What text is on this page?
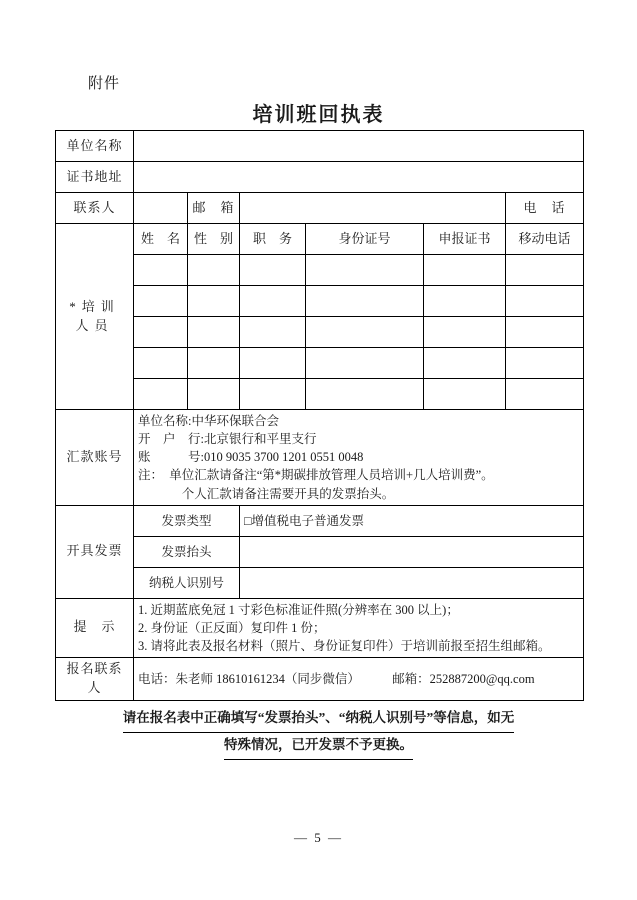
附件
培训班回执表
单位名称						
证书地址						
联系人		邮　箱				电　话
*培训人员	姓　名	性　别	职　务	身份证号	申报证书	移动电话

汇款账号	单位名称:中华环保联合会
开　户　行:北京银行和平里支行
账　　　号:010 9035 3700 1201 0551 0048
注：　单位汇款请备注“第*期碳排放管理人员培训+几人培训费”。
个人汇款请备注需要开具的发票抬头。					

开具发票	发票类型		□增值税电子普通发票			
	发票抬头					
	纳税人识别号					
提　示	1. 近期蓝底免冠 1 寸彩色标准证件照(分辨率在 300 以上)；
2. 身份证（正反面）复印件 1 份；
3. 请将此表及报名材料（照片、身份证复印件）于培训前报至招生组邮箱。					

报名联系人	电话：朱老师 18610161234（同步微信） 邮箱：252887200@qq.com					
请在报名表中正确填写“发票抬头”、“纳税人识别号”等信息，如无
特殊情况，已开发票不予更换。
— 5 —
